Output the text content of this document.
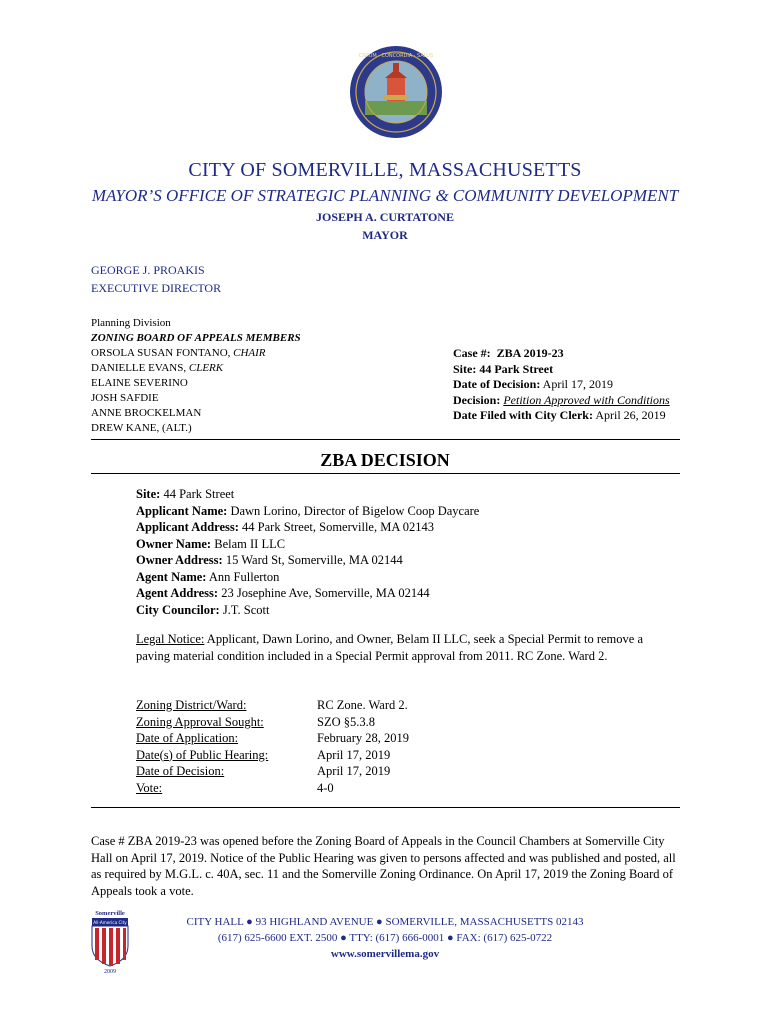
CIVIUM · CONCORDIA · SALUS
CITY OF SOMERVILLE, MASSACHUSETTS
MAYOR’S OFFICE OF STRATEGIC PLANNING & COMMUNITY DEVELOPMENT
JOSEPH A. CURTATONE
MAYOR
GEORGE J. PROAKIS
EXECUTIVE DIRECTOR
Planning Division
ZONING BOARD OF APPEALS MEMBERS
ORSOLA SUSAN FONTANO, CHAIR
DANIELLE EVANS, CLERK
ELAINE SEVERINO
JOSH SAFDIE
ANNE BROCKELMAN
DREW KANE, (ALT.)
Case #: ZBA 2019-23
Site: 44 Park Street
Date of Decision: April 17, 2019
Decision: Petition Approved with Conditions
Date Filed with City Clerk: April 26, 2019
ZBA DECISION
Site: 44 Park Street
Applicant Name: Dawn Lorino, Director of Bigelow Coop Daycare
Applicant Address: 44 Park Street, Somerville, MA 02143
Owner Name: Belam II LLC
Owner Address: 15 Ward St, Somerville, MA 02144
Agent Name: Ann Fullerton
Agent Address: 23 Josephine Ave, Somerville, MA 02144
City Councilor: J.T. Scott
Legal Notice: Applicant, Dawn Lorino, and Owner, Belam II LLC, seek a Special Permit to remove a paving material condition included in a Special Permit approval from 2011. RC Zone. Ward 2.
Zoning District/Ward:
Zoning Approval Sought:
Date of Application:
Date(s) of Public Hearing:
Date of Decision:
Vote:
RC Zone. Ward 2.
SZO §5.3.8
February 28, 2019
April 17, 2019
April 17, 2019
4-0
Case # ZBA 2019-23 was opened before the Zoning Board of Appeals in the Council Chambers at Somerville City Hall on April 17, 2019. Notice of the Public Hearing was given to persons affected and was published and posted, all as required by M.G.L. c. 40A, sec. 11 and the Somerville Zoning Ordinance. On April 17, 2019 the Zoning Board of Appeals took a vote.
Somerville
All-America City
2009
CITY HALL ● 93 HIGHLAND AVENUE ● SOMERVILLE, MASSACHUSETTS 02143
(617) 625-6600 EXT. 2500 ● TTY: (617) 666-0001 ● FAX: (617) 625-0722
www.somervillema.gov
